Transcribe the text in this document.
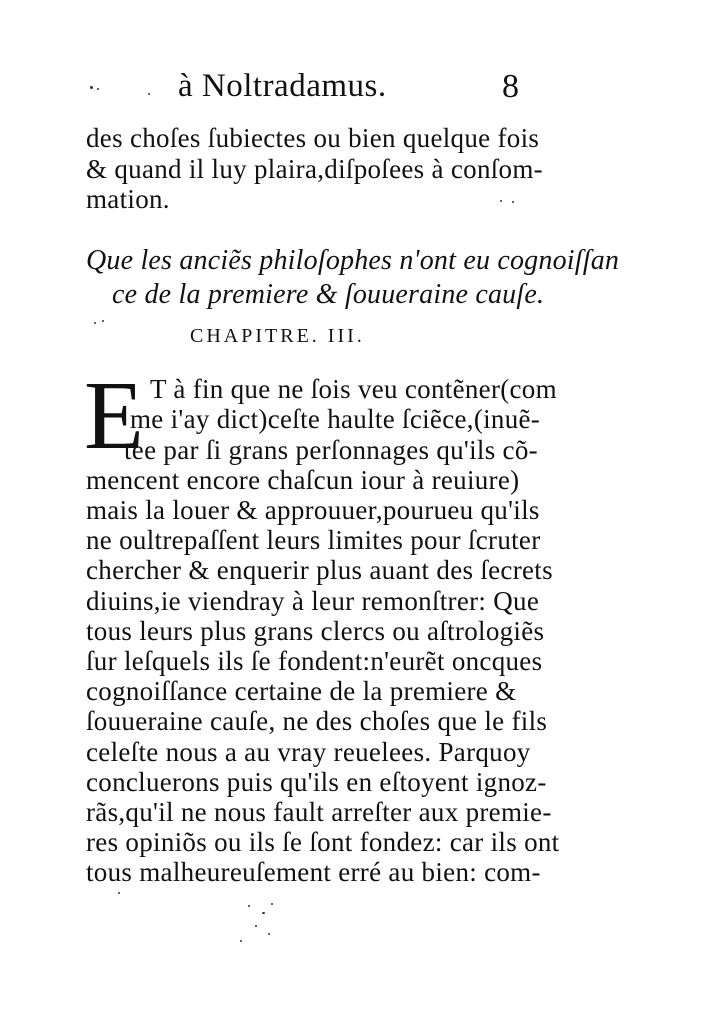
à Noltradamus.	8
des choſes ſubiectes ou bien quelque fois
& quand il luy plaira,diſpoſees à conſom-
mation.
Que les anciẽs philoſophes n'ont eu cognoiſſan
ce de la premiere & ſouueraine cauſe.
CHAPITRE. III.
E T à fin que ne ſois veu contẽner(com
me i'ay dict)ceſte haulte ſciẽce,(inuẽ-
tee par ſi grans perſonnages qu'ils cõ-
mencent encore chaſcun iour à reuiure)
mais la louer & approuuer,pourueu qu'ils
ne oultrepaſſent leurs limites pour ſcruter
chercher & enquerir plus auant des ſecrets
diuins,ie viendray à leur remonſtrer: Que
tous leurs plus grans clercs ou aſtrologiẽs
ſur leſquels ils ſe fondent:n'eurẽt oncques
cognoiſſance certaine de la premiere &
ſouueraine cauſe, ne des choſes que le fils
celeſte nous a au vray reuelees. Parquoy
concluerons puis qu'ils en eſtoyent ignoz-
rãs,qu'il ne nous fault arreſter aux premie-
res opiniõs ou ils ſe ſont fondez: car ils ont
tous malheureuſement erré au bien: com-
